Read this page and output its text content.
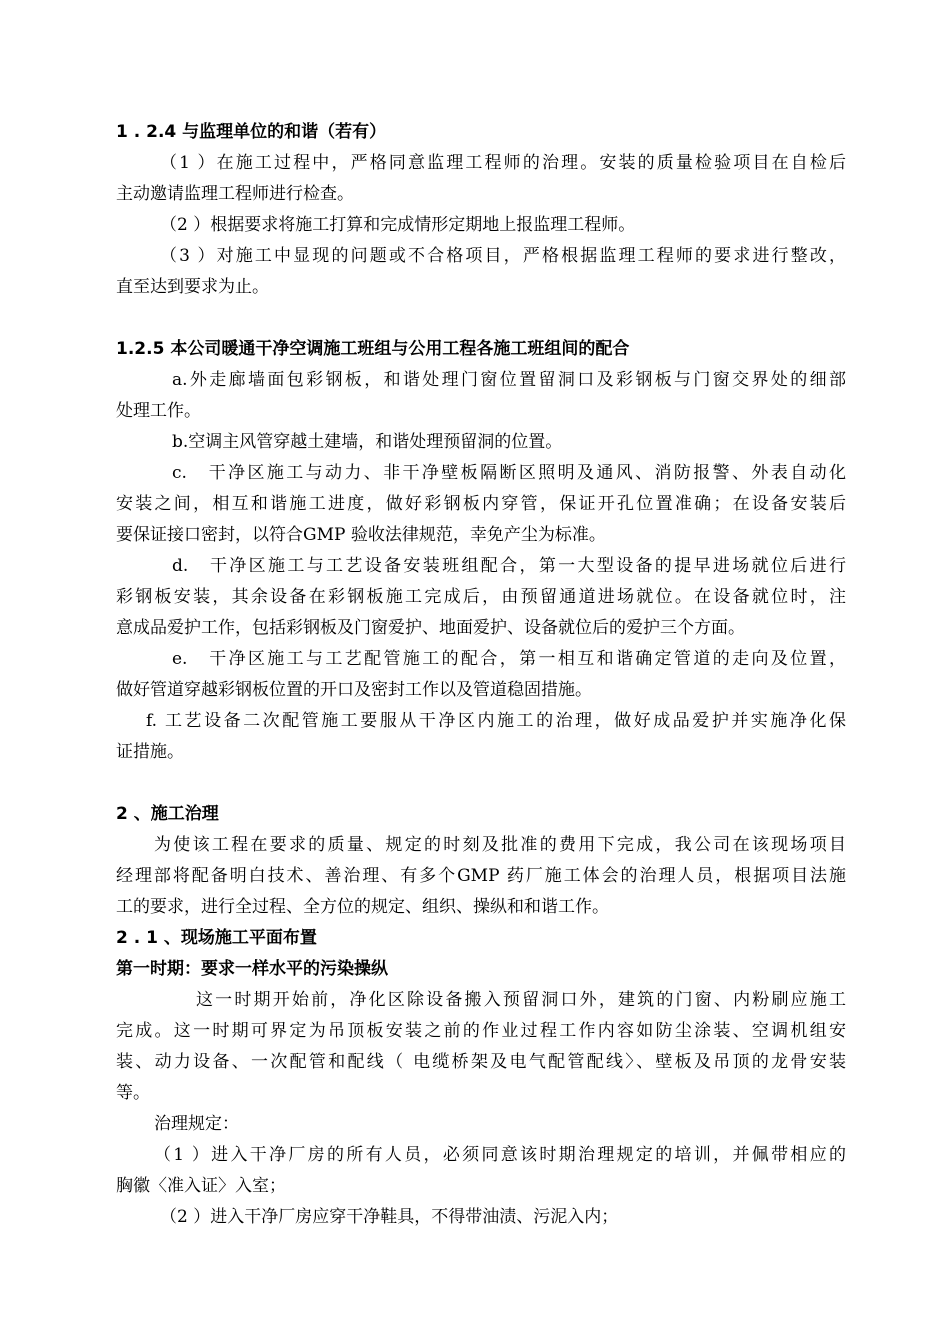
1 . 2.4 与监理单位的和谐（若有）
（1 ）在施工过程中，严格同意监理工程师的治理。安装的质量检验项目在自检后
主动邀请监理工程师进行检查。
（2 ）根据要求将施工打算和完成情形定期地上报监理工程师。
（3 ）对施工中显现的问题或不合格项目，严格根据监理工程师的要求进行整改，
直至达到要求为止。
1.2.5 本公司暖通干净空调施工班组与公用工程各施工班组间的配合
a.外走廊墙面包彩钢板，和谐处理门窗位置留洞口及彩钢板与门窗交界处的细部
处理工作。
b.空调主风管穿越土建墙，和谐处理预留洞的位置。
c.　干净区施工与动力、非干净壁板隔断区照明及通风、消防报警、外表自动化
安装之间，相互和谐施工进度，做好彩钢板内穿管，保证开孔位置准确；在设备安装后
要保证接口密封，以符合GMP 验收法律规范，幸免产尘为标准。
d.　干净区施工与工艺设备安装班组配合，第一大型设备的提早进场就位后进行
彩钢板安装，其余设备在彩钢板施工完成后，由预留通道进场就位。在设备就位时，注
意成品爱护工作，包括彩钢板及门窗爱护、地面爱护、设备就位后的爱护三个方面。
e.　干净区施工与工艺配管施工的配合，第一相互和谐确定管道的走向及位置，
做好管道穿越彩钢板位置的开口及密封工作以及管道稳固措施。
f. 工艺设备二次配管施工要服从干净区内施工的治理，做好成品爱护并实施净化保
证措施。
2 、施工治理
为使该工程在要求的质量、规定的时刻及批准的费用下完成，我公司在该现场项目
经理部将配备明白技术、善治理、有多个GMP 药厂施工体会的治理人员，根据项目法施
工的要求，进行全过程、全方位的规定、组织、操纵和和谐工作。
2 . 1 、现场施工平面布置
第一时期：要求一样水平的污染操纵
这一时期开始前，净化区除设备搬入预留洞口外，建筑的门窗、内粉刷应施工
完成。这一时期可界定为吊顶板安装之前的作业过程工作内容如防尘涂装、空调机组安
装、动力设备、一次配管和配线（ 电缆桥架及电气配管配线〉、壁板及吊顶的龙骨安装
等。
治理规定：
（1 ）进入干净厂房的所有人员，必须同意该时期治理规定的培训，并佩带相应的
胸徽〈准入证〉入室；
（2 ）进入干净厂房应穿干净鞋具，不得带油渍、污泥入内；
